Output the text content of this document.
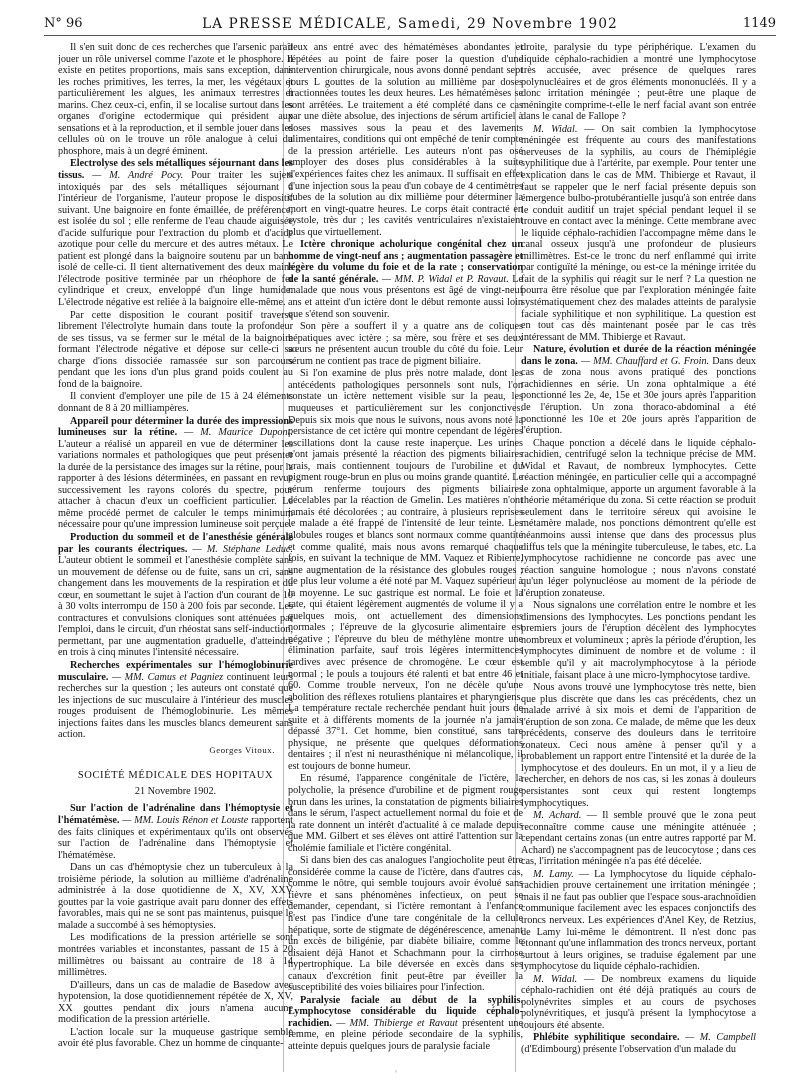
N° 96	LA PRESSE MÉDICALE, Samedi, 29 Novembre 1902	1149

Il s'en suit donc de ces recherches que l'arsenic paraît jouer un rôle universel comme l'azote et le phosphore. Il existe en petites proportions, mais sans exception, dans les roches primitives, les terres, la mer, les végétaux et particulièrement les algues, les animaux terrestres et marins. Chez ceux-ci, enfin, il se localise surtout dans les organes d'origine ectodermique qui président aux sensations et à la reproduction, et il semble jouer dans les cellules où on le trouve un rôle analogue à celui du phosphore, mais à un degré éminent.

Electrolyse des sels métalliques séjournant dans les tissus. — M. André Pocy. Pour traiter les sujets intoxiqués par des sels métalliques séjournant à l'intérieur de l'organisme, l'auteur propose le dispositif suivant. Une baignoire en fonte émaillée, de préférence, est isolée du sol ; elle renferme de l'eau chaude aiguisée d'acide sulfurique pour l'extraction du plomb et d'acide azotique pour celle du mercure et des autres métaux. Le patient est plongé dans la baignoire soutenu par un banc isolé de celle-ci. Il tient alternativement des deux mains l'électrode positive terminée par un rhéophore de fer cylindrique et creux, enveloppé d'un linge humide. L'électrode négative est reliée à la baignoire elle-même.

Par cette disposition le courant positif traverse librement l'électrolyte humain dans toute la profondeur de ses tissus, va se fermer sur le métal de la baignoire formant l'électrode négative et dépose sur celle-ci sa charge d'ions dissociée ramassée sur son parcours pendant que les ions d'un plus grand poids coulent au fond de la baignoire.

Il convient d'employer une pile de 15 à 24 éléments donnant de 8 à 20 milliampères.

Appareil pour déterminer la durée des impressions lumineuses sur la rétine. — M. Maurice Dupont. L'auteur a réalisé un appareil en vue de déterminer les variations normales et pathologiques que peut présenter la durée de la persistance des images sur la rétine, pour la rapporter à des lésions déterminées, en passant en revue successivement les rayons colorés du spectre, pour attacher à chacun d'eux un coefficient particulier. Le même procédé permet de calculer le temps minimum nécessaire pour qu'une impression lumineuse soit perçue.

Production du sommeil et de l'anesthésie générale par les courants électriques. — M. Stéphane Leduc. L'auteur obtient le sommeil et l'anesthésie complète sans un mouvement de défense ou de fuite, sans un cri, sans changement dans les mouvements de la respiration et du cœur, en soumettant le sujet à l'action d'un courant de 10 à 30 volts interrompu de 150 à 200 fois par seconde. Les contractures et convulsions cloniques sont atténuées par l'emploi, dans le circuit, d'un rhéostat sans self-induction, permettant, par une augmentation graduelle, d'atteindre en trois à cinq minutes l'intensité nécessaire.

Recherches expérimentales sur l'hémoglobinurie musculaire. — MM. Camus et Pagniez continuent leurs recherches sur la question ; les auteurs ont constaté que les injections de suc musculaire à l'intérieur des muscles rouges produisent de l'hémoglobinurie. Les mêmes injections faites dans les muscles blancs demeurent sans action.

Georges Vitoux.
SOCIÉTÉ MÉDICALE DES HOPITAUX
21 Novembre 1902.

Sur l'action de l'adrénaline dans l'hémoptysie et l'hématémèse. — MM. Louis Rénon et Louste rapportent des faits cliniques et expérimentaux qu'ils ont observés sur l'action de l'adrénaline dans l'hémoptysie et l'hématémèse.

Dans un cas d'hémoptysie chez un tuberculeux à la troisième période, la solution au millième d'adrénaline administrée à la dose quotidienne de X, XV, XXV gouttes par la voie gastrique avait paru donner des effets favorables, mais qui ne se sont pas maintenus, puisque le malade a succombé à ses hémoptysies.

Les modifications de la pression artérielle se sont montrées variables et inconstantes, passant de 15 à 20 millimètres ou baissant au contraire de 18 à 14 millimètres.

D'ailleurs, dans un cas de maladie de Basedow avec hypotension, la dose quotidiennement répétée de X, XV, XX gouttes pendant dix jours n'amena aucune modification de la pression artérielle.

L'action locale sur la muqueuse gastrique semble avoir été plus favorable. Chez un homme de cinquante-

deux ans entré avec des hématémèses abondantes et répétées au point de faire poser la question d'une intervention chirurgicale, nous avons donné pendant sept jours L gouttes de la solution au millième par doses fractionnées toutes les deux heures. Les hématémèses se sont arrêtées. Le traitement a été complété dans ce cas par une diète absolue, des injections de sérum artificiel à doses massives sous la peau et des lavements alimentaires, conditions qui ont empêché de tenir compte de la pression artérielle. Les auteurs n'ont pas osé employer des doses plus considérables à la suite d'expériences faites chez les animaux. Il suffisait en effet d'une injection sous la peau d'un cobaye de 4 centimètres cubes de la solution au dix millième pour déterminer la mort en vingt-quatre heures. Le corps était contracté en systole, très dur ; les cavités ventriculaires n'existaient plus que virtuellement.

Ictère chronique acholurique congénital chez un homme de vingt-neuf ans ; augmentation passagère et légère du volume du foie et de la rate ; conservation de la santé générale. — MM. P. Widal et P. Ravaut. Le malade que nous vous présentons est âgé de vingt-neuf ans et atteint d'un ictère dont le début remonte aussi loin que s'étend son souvenir.

Son père a souffert il y a quatre ans de coliques hépatiques avec ictère ; sa mère, sou frère et ses deux sœurs ne présentent aucun trouble du côté du foie. Leur sérum ne contient pas trace de pigment biliaire.

Si l'on examine de plus près notre malade, dont les antécédents pathologiques personnels sont nuls, l'on constate un ictère nettement visible sur la peau, les muqueuses et particulièrement sur les conjonctives. Depuis six mois que nous le suivons, nous avons noté la persistance de cet ictère qui montre cependant de légères oscillations dont la cause reste inaperçue. Les urines n'ont jamais présenté la réaction des pigments biliaires vrais, mais contiennent toujours de l'urobiline et du pigment rouge-brun en plus ou moins grande quantité. Le sérum renferme toujours des pigments biliaires décelables par la réaction de Gmelin. Les matières n'ont jamais été décolorées ; au contraire, à plusieurs reprises le malade a été frappé de l'intensité de leur teinte. Les globules rouges et blancs sont normaux comme quantité et comme qualité, mais nous avons remarqué chaque fois, en suivant la technique de MM. Vaquez et Ribierre, une augmentation de la résistance des globules rouges ; de plus leur volume a été noté par M. Vaquez supérieur à la moyenne. Le suc gastrique est normal. Le foie et la rate, qui étaient légèrement augmentés de volume il y a quelques mois, ont actuellement des dimensions normales ; l'épreuve de la glycosurie alimentaire est négative ; l'épreuve du bleu de méthylène montre une élimination parfaite, sauf trois légères intermittences tardives avec présence de chromogène. Le cœur est normal ; le pouls a toujours été ralenti et bat entre 46 et 60. Comme trouble nerveux, l'on ne décèle qu'une abolition des réflexes rotuliens plantaires et pharyngiens. La température rectale recherchée pendant huit jours de suite et à différents moments de la journée n'a jamais dépassé 37°1. Cet homme, bien constitué, sans tare physique, ne présente que quelques déformations dentaires ; il n'est ni neurasthénique ni mélancolique, il est toujours de bonne humeur.

En résumé, l'apparence congénitale de l'ictère, la polycholie, la présence d'urobiline et de pigment rouge brun dans les urines, la constatation de pigments biliaires dans le sérum, l'aspect actuellement normal du foie et de la rate donnent un intérêt d'actualité à ce malade depuis que MM. Gilbert et ses élèves ont attiré l'attention sur la cholémie familiale et l'ictère congénital.

Si dans bien des cas analogues l'angiocholite peut être considérée comme la cause de l'ictère, dans d'autres cas, comme le nôtre, qui semble toujours avoir évolué sans fièvre et sans phénomènes infectieux, on peut se demander, cependant, si l'ictère remontant à l'enfance n'est pas l'indice d'une tare congénitale de la cellule hépatique, sorte de stigmate de dégénérescence, amenant un excès de biligénie, par diabète biliaire, comme le disaient déjà Hanot et Schachmann pour la cirrhose hypertrophique. La bile déversée en excès dans ses canaux d'excrétion finit peut-être par éveiller la susceptibilité des voies biliaires pour l'infection.

Paralysie faciale au début de la syphilis. Lymphocytose considérable du liquide céphalo-rachidien. — MM. Thibierge et Ravaut présentent une femme, en pleine période secondaire de la syphilis, atteinte depuis quelques jours de paralysie faciale

droite, paralysie du type périphérique. L'examen du liquide céphalo-rachidien a montré une lymphocytose très accusée, avec présence de quelques rares polynucléaires et de gros éléments mononucléés. Il y a donc irritation méningée ; peut-être une plaque de méningite comprime-t-elle le nerf facial avant son entrée dans le canal de Fallope ?

M. Widal. — On sait combien la lymphocytose méningée est fréquente au cours des manifestations nerveuses de la syphilis, au cours de l'hémiplégie syphilitique due à l'artérite, par exemple. Pour tenter une explication dans le cas de MM. Thibierge et Ravaut, il faut se rappeler que le nerf facial présente depuis son émergence bulbo-protubérantielle jusqu'à son entrée dans le conduit auditif un trajet spécial pendant lequel il se trouve en contact avec la méninge. Cette membrane avec le liquide céphalo-rachidien l'accompagne même dans le canal osseux jusqu'à une profondeur de plusieurs millimètres. Est-ce le tronc du nerf enflammé qui irrite par contiguïté la méninge, ou est-ce la méninge irritée du fait de la syphilis qui réagit sur le nerf ? La question ne pourra être résolue que par l'exploration méningée faite systématiquement chez des malades atteints de paralysie faciale syphilitique et non syphilitique. La question est en tout cas dès maintenant posée par le cas très intéressant de MM. Thibierge et Ravaut.

Nature, évolution et durée de la réaction méningée dans le zona. — MM. Chauffard et G. Froin. Dans deux cas de zona nous avons pratiqué des ponctions rachidiennes en série. Un zona ophtalmique a été ponctionné les 2e, 4e, 15e et 30e jours après l'apparition de l'éruption. Un zona thoraco-abdominal a été ponctionné les 10e et 20e jours après l'apparition de l'éruption.

Chaque ponction a décelé dans le liquide céphalo-rachidien, centrifugé selon la technique précise de MM. Widal et Ravaut, de nombreux lymphocytes. Cette réaction méningée, en particulier celle qui a accompagné le zona ophtalmique, apporte un argument favorable à la théorie métamérique du zona. Si cette réaction se produit seulement dans le territoire séreux qui avoisine le métamère malade, nos ponctions démontrent qu'elle est néanmoins aussi intense que dans des processus plus diffus tels que la méningite tuberculeuse, le tabes, etc. La lymphocytose rachidienne ne concorde pas avec une réaction sanguine homologue ; nous n'avons constaté qu'un léger polynucléose au moment de la période de l'éruption zonateuse.

Nous signalons une corrélation entre le nombre et les dimensions des lymphocytes. Les ponctions pendant les premiers jours de l'éruption décèlent des lymphocytes nombreux et volumineux ; après la période d'éruption, les lymphocytes diminuent de nombre et de volume : il semble qu'il y ait macrolymphocytose à la période initiale, faisant place à une micro-lymphocytose tardive.

Nous avons trouvé une lymphocytose très nette, bien que plus discrète que dans les cas précédents, chez un malade arrivé à six mois et demi de l'apparition de l'éruption de son zona. Ce malade, de même que les deux précédents, conserve des douleurs dans le territoire zonateux. Ceci nous amène à penser qu'il y a probablement un rapport entre l'intensité et la durée de la lymphocytose et des douleurs. En un mot, il y a lieu de rechercher, en dehors de nos cas, si les zonas à douleurs persistantes sont ceux qui restent longtemps lymphocytiques.

M. Achard. — Il semble prouvé que le zona peut reconnaître comme cause une méningite atténuée ; cependant certains zonas (un entre autres rapporté par M. Achard) ne s'accompagnent pas de leucocytose ; dans ces cas, l'irritation méningée n'a pas été décelée.

M. Lamy. — La lymphocytose du liquide céphalo-rachidien prouve certainement une irritation méningée ; mais il ne faut pas oublier que l'espace sous-arachnoïdien communique facilement avec les espaces conjonctifs des troncs nerveux. Les expériences d'Anel Key, de Retzius, de Lamy lui-même le démontrent. Il n'est donc pas étonnant qu'une inflammation des troncs nerveux, portant surtout à leurs origines, se traduise également par une lymphocytose du liquide céphalo-rachidien.

M. Widal. — De nombreux examens du liquide céphalo-rachidien ont été déjà pratiqués au cours de polynévrites simples et au cours de psychoses polynévritiques, et jusqu'à présent la lymphocytose a toujours été absente.

Phlébite syphilitique secondaire. — M. Campbell (d'Edimbourg) présente l'observation d'un malade du

◦
